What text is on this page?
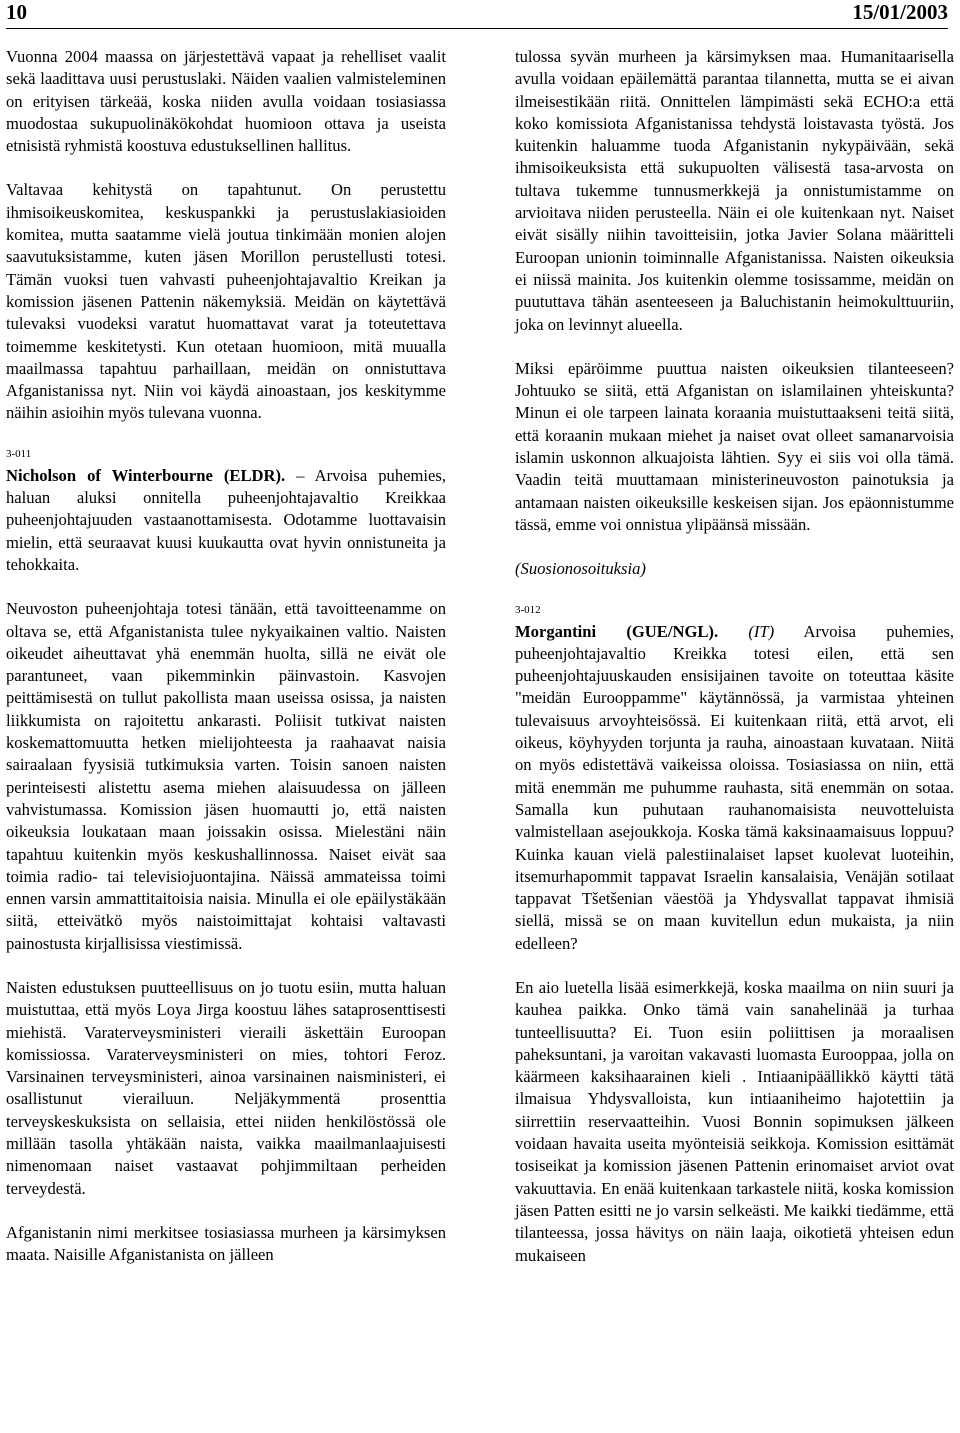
10	15/01/2003

Vuonna 2004 maassa on järjestettävä vapaat ja rehelliset vaalit sekä laadittava uusi perustuslaki. Näiden vaalien valmisteleminen on erityisen tärkeää, koska niiden avulla voidaan tosiasiassa muodostaa sukupuolinäkökohdat huomioon ottava ja useista etnisistä ryhmistä koostuva edustuksellinen hallitus.

Valtavaa kehitystä on tapahtunut. On perustettu ihmisoikeuskomitea, keskuspankki ja perustuslakiasioiden komitea, mutta saatamme vielä joutua tinkimään monien alojen saavutuksistamme, kuten jäsen Morillon perustellusti totesi. Tämän vuoksi tuen vahvasti puheenjohtajavaltio Kreikan ja komission jäsenen Pattenin näkemyksiä. Meidän on käytettävä tulevaksi vuodeksi varatut huomattavat varat ja toteutettava toimemme keskitetysti. Kun otetaan huomioon, mitä muualla maailmassa tapahtuu parhaillaan, meidän on onnistuttava Afganistanissa nyt. Niin voi käydä ainoastaan, jos keskitymme näihin asioihin myös tulevana vuonna.

3-011

Nicholson of Winterbourne (ELDR). – Arvoisa puhemies, haluan aluksi onnitella puheenjohtajavaltio Kreikkaa puheenjohtajuuden vastaanottamisesta. Odotamme luottavaisin mielin, että seuraavat kuusi kuukautta ovat hyvin onnistuneita ja tehokkaita.

Neuvoston puheenjohtaja totesi tänään, että tavoitteenamme on oltava se, että Afganistanista tulee nykyaikainen valtio. Naisten oikeudet aiheuttavat yhä enemmän huolta, sillä ne eivät ole parantuneet, vaan pikemminkin päinvastoin. Kasvojen peittämisestä on tullut pakollista maan useissa osissa, ja naisten liikkumista on rajoitettu ankarasti. Poliisit tutkivat naisten koskemattomuutta hetken mielijohteesta ja raahaavat naisia sairaalaan fyysisiä tutkimuksia varten. Toisin sanoen naisten perinteisesti alistettu asema miehen alaisuudessa on jälleen vahvistumassa. Komission jäsen huomautti jo, että naisten oikeuksia loukataan maan joissakin osissa. Mielestäni näin tapahtuu kuitenkin myös keskushallinnossa. Naiset eivät saa toimia radio- tai televisiojuontajina. Näissä ammateissa toimi ennen varsin ammattitaitoisia naisia. Minulla ei ole epäilystäkään siitä, etteivätkö myös naistoimittajat kohtaisi valtavasti painostusta kirjallisissa viestimissä.

Naisten edustuksen puutteellisuus on jo tuotu esiin, mutta haluan muistuttaa, että myös Loya Jirga koostuu lähes sataprosenttisesti miehistä. Varaterveysministeri vieraili äskettäin Euroopan komissiossa. Varaterveysministeri on mies, tohtori Feroz. Varsinainen terveysministeri, ainoa varsinainen naisministeri, ei osallistunut vierailuun. Neljäkymmentä prosenttia terveyskeskuksista on sellaisia, ettei niiden henkilöstössä ole millään tasolla yhtäkään naista, vaikka maailmanlaajuisesti nimenomaan naiset vastaavat pohjimmiltaan perheiden terveydestä.

Afganistanin nimi merkitsee tosiasiassa murheen ja kärsimyksen maata. Naisille Afganistanista on jälleen

tulossa syvän murheen ja kärsimyksen maa. Humanitaarisella avulla voidaan epäilemättä parantaa tilannetta, mutta se ei aivan ilmeisestikään riitä. Onnittelen lämpimästi sekä ECHO:a että koko komissiota Afganistanissa tehdystä loistavasta työstä. Jos kuitenkin haluamme tuoda Afganistanin nykypäivään, sekä ihmisoikeuksista että sukupuolten välisestä tasa-arvosta on tultava tukemme tunnusmerkkejä ja onnistumistamme on arvioitava niiden perusteella. Näin ei ole kuitenkaan nyt. Naiset eivät sisälly niihin tavoitteisiin, jotka Javier Solana määritteli Euroopan unionin toiminnalle Afganistanissa. Naisten oikeuksia ei niissä mainita. Jos kuitenkin olemme tosissamme, meidän on puututtava tähän asenteeseen ja Baluchistanin heimokulttuuriin, joka on levinnyt alueella.

Miksi epäröimme puuttua naisten oikeuksien tilanteeseen? Johtuuko se siitä, että Afganistan on islamilainen yhteiskunta? Minun ei ole tarpeen lainata koraania muistuttaakseni teitä siitä, että koraanin mukaan miehet ja naiset ovat olleet samanarvoisia islamin uskonnon alkuajoista lähtien. Syy ei siis voi olla tämä. Vaadin teitä muuttamaan ministerineuvoston painotuksia ja antamaan naisten oikeuksille keskeisen sijan. Jos epäonnistumme tässä, emme voi onnistua ylipäänsä missään.

(Suosionosoituksia)

3-012

Morgantini (GUE/NGL). (IT) Arvoisa puhemies, puheenjohtajavaltio Kreikka totesi eilen, että sen puheenjohtajuuskauden ensisijainen tavoite on toteuttaa käsite "meidän Eurooppamme" käytännössä, ja varmistaa yhteinen tulevaisuus arvoyhteisössä. Ei kuitenkaan riitä, että arvot, eli oikeus, köyhyyden torjunta ja rauha, ainoastaan kuvataan. Niitä on myös edistettävä vaikeissa oloissa. Tosiasiassa on niin, että mitä enemmän me puhumme rauhasta, sitä enemmän on sotaa. Samalla kun puhutaan rauhanomaisista neuvotteluista valmistellaan asejoukkoja. Koska tämä kaksinaamaisuus loppuu? Kuinka kauan vielä palestiinalaiset lapset kuolevat luoteihin, itsemurhapommit tappavat Israelin kansalaisia, Venäjän sotilaat tappavat Tšetšenian väestöä ja Yhdysvallat tappavat ihmisiä siellä, missä se on maan kuvitellun edun mukaista, ja niin edelleen?

En aio luetella lisää esimerkkejä, koska maailma on niin suuri ja kauhea paikka. Onko tämä vain sanahelinää ja turhaa tunteellisuutta? Ei. Tuon esiin poliittisen ja moraalisen paheksuntani, ja varoitan vakavasti luomasta Eurooppaa, jolla on käärmeen kaksihaarainen kieli . Intiaanipäällikkö käytti tätä ilmaisua Yhdysvalloista, kun intiaaniheimo hajotettiin ja siirrettiin reservaatteihin. Vuosi Bonnin sopimuksen jälkeen voidaan havaita useita myönteisiä seikkoja. Komission esittämät tosiseikat ja komission jäsenen Pattenin erinomaiset arviot ovat vakuuttavia. En enää kuitenkaan tarkastele niitä, koska komission jäsen Patten esitti ne jo varsin selkeästi. Me kaikki tiedämme, että tilanteessa, jossa hävitys on näin laaja, oikotietä yhteisen edun mukaiseen
